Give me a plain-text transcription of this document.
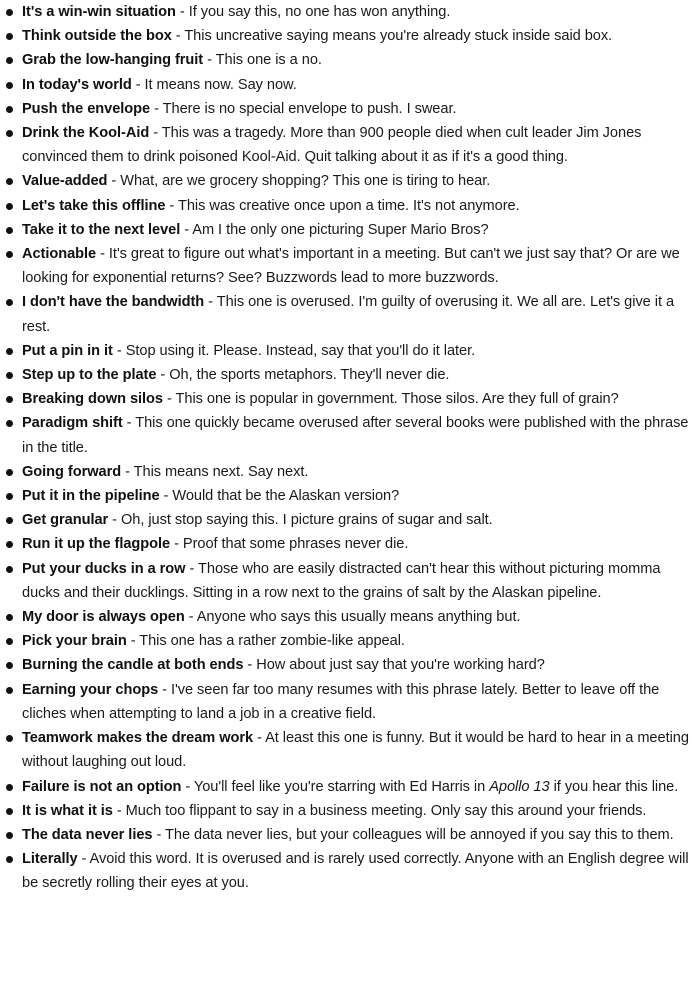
It's a win-win situation - If you say this, no one has won anything.
Think outside the box - This uncreative saying means you're already stuck inside said box.
Grab the low-hanging fruit - This one is a no.
In today's world - It means now. Say now.
Push the envelope - There is no special envelope to push. I swear.
Drink the Kool-Aid - This was a tragedy. More than 900 people died when cult leader Jim Jones convinced them to drink poisoned Kool-Aid. Quit talking about it as if it's a good thing.
Value-added - What, are we grocery shopping? This one is tiring to hear.
Let's take this offline - This was creative once upon a time. It's not anymore.
Take it to the next level - Am I the only one picturing Super Mario Bros?
Actionable - It's great to figure out what's important in a meeting. But can't we just say that? Or are we looking for exponential returns? See? Buzzwords lead to more buzzwords.
I don't have the bandwidth - This one is overused. I'm guilty of overusing it. We all are. Let's give it a rest.
Put a pin in it - Stop using it. Please. Instead, say that you'll do it later.
Step up to the plate - Oh, the sports metaphors. They'll never die.
Breaking down silos - This one is popular in government. Those silos. Are they full of grain?
Paradigm shift - This one quickly became overused after several books were published with the phrase in the title.
Going forward - This means next. Say next.
Put it in the pipeline - Would that be the Alaskan version?
Get granular - Oh, just stop saying this. I picture grains of sugar and salt.
Run it up the flagpole - Proof that some phrases never die.
Put your ducks in a row - Those who are easily distracted can't hear this without picturing momma ducks and their ducklings. Sitting in a row next to the grains of salt by the Alaskan pipeline.
My door is always open - Anyone who says this usually means anything but.
Pick your brain - This one has a rather zombie-like appeal.
Burning the candle at both ends - How about just say that you're working hard?
Earning your chops - I've seen far too many resumes with this phrase lately. Better to leave off the cliches when attempting to land a job in a creative field.
Teamwork makes the dream work - At least this one is funny. But it would be hard to hear in a meeting without laughing out loud.
Failure is not an option - You'll feel like you're starring with Ed Harris in Apollo 13 if you hear this line.
It is what it is - Much too flippant to say in a business meeting. Only say this around your friends.
The data never lies - The data never lies, but your colleagues will be annoyed if you say this to them.
Literally - Avoid this word. It is overused and is rarely used correctly. Anyone with an English degree will be secretly rolling their eyes at you.
